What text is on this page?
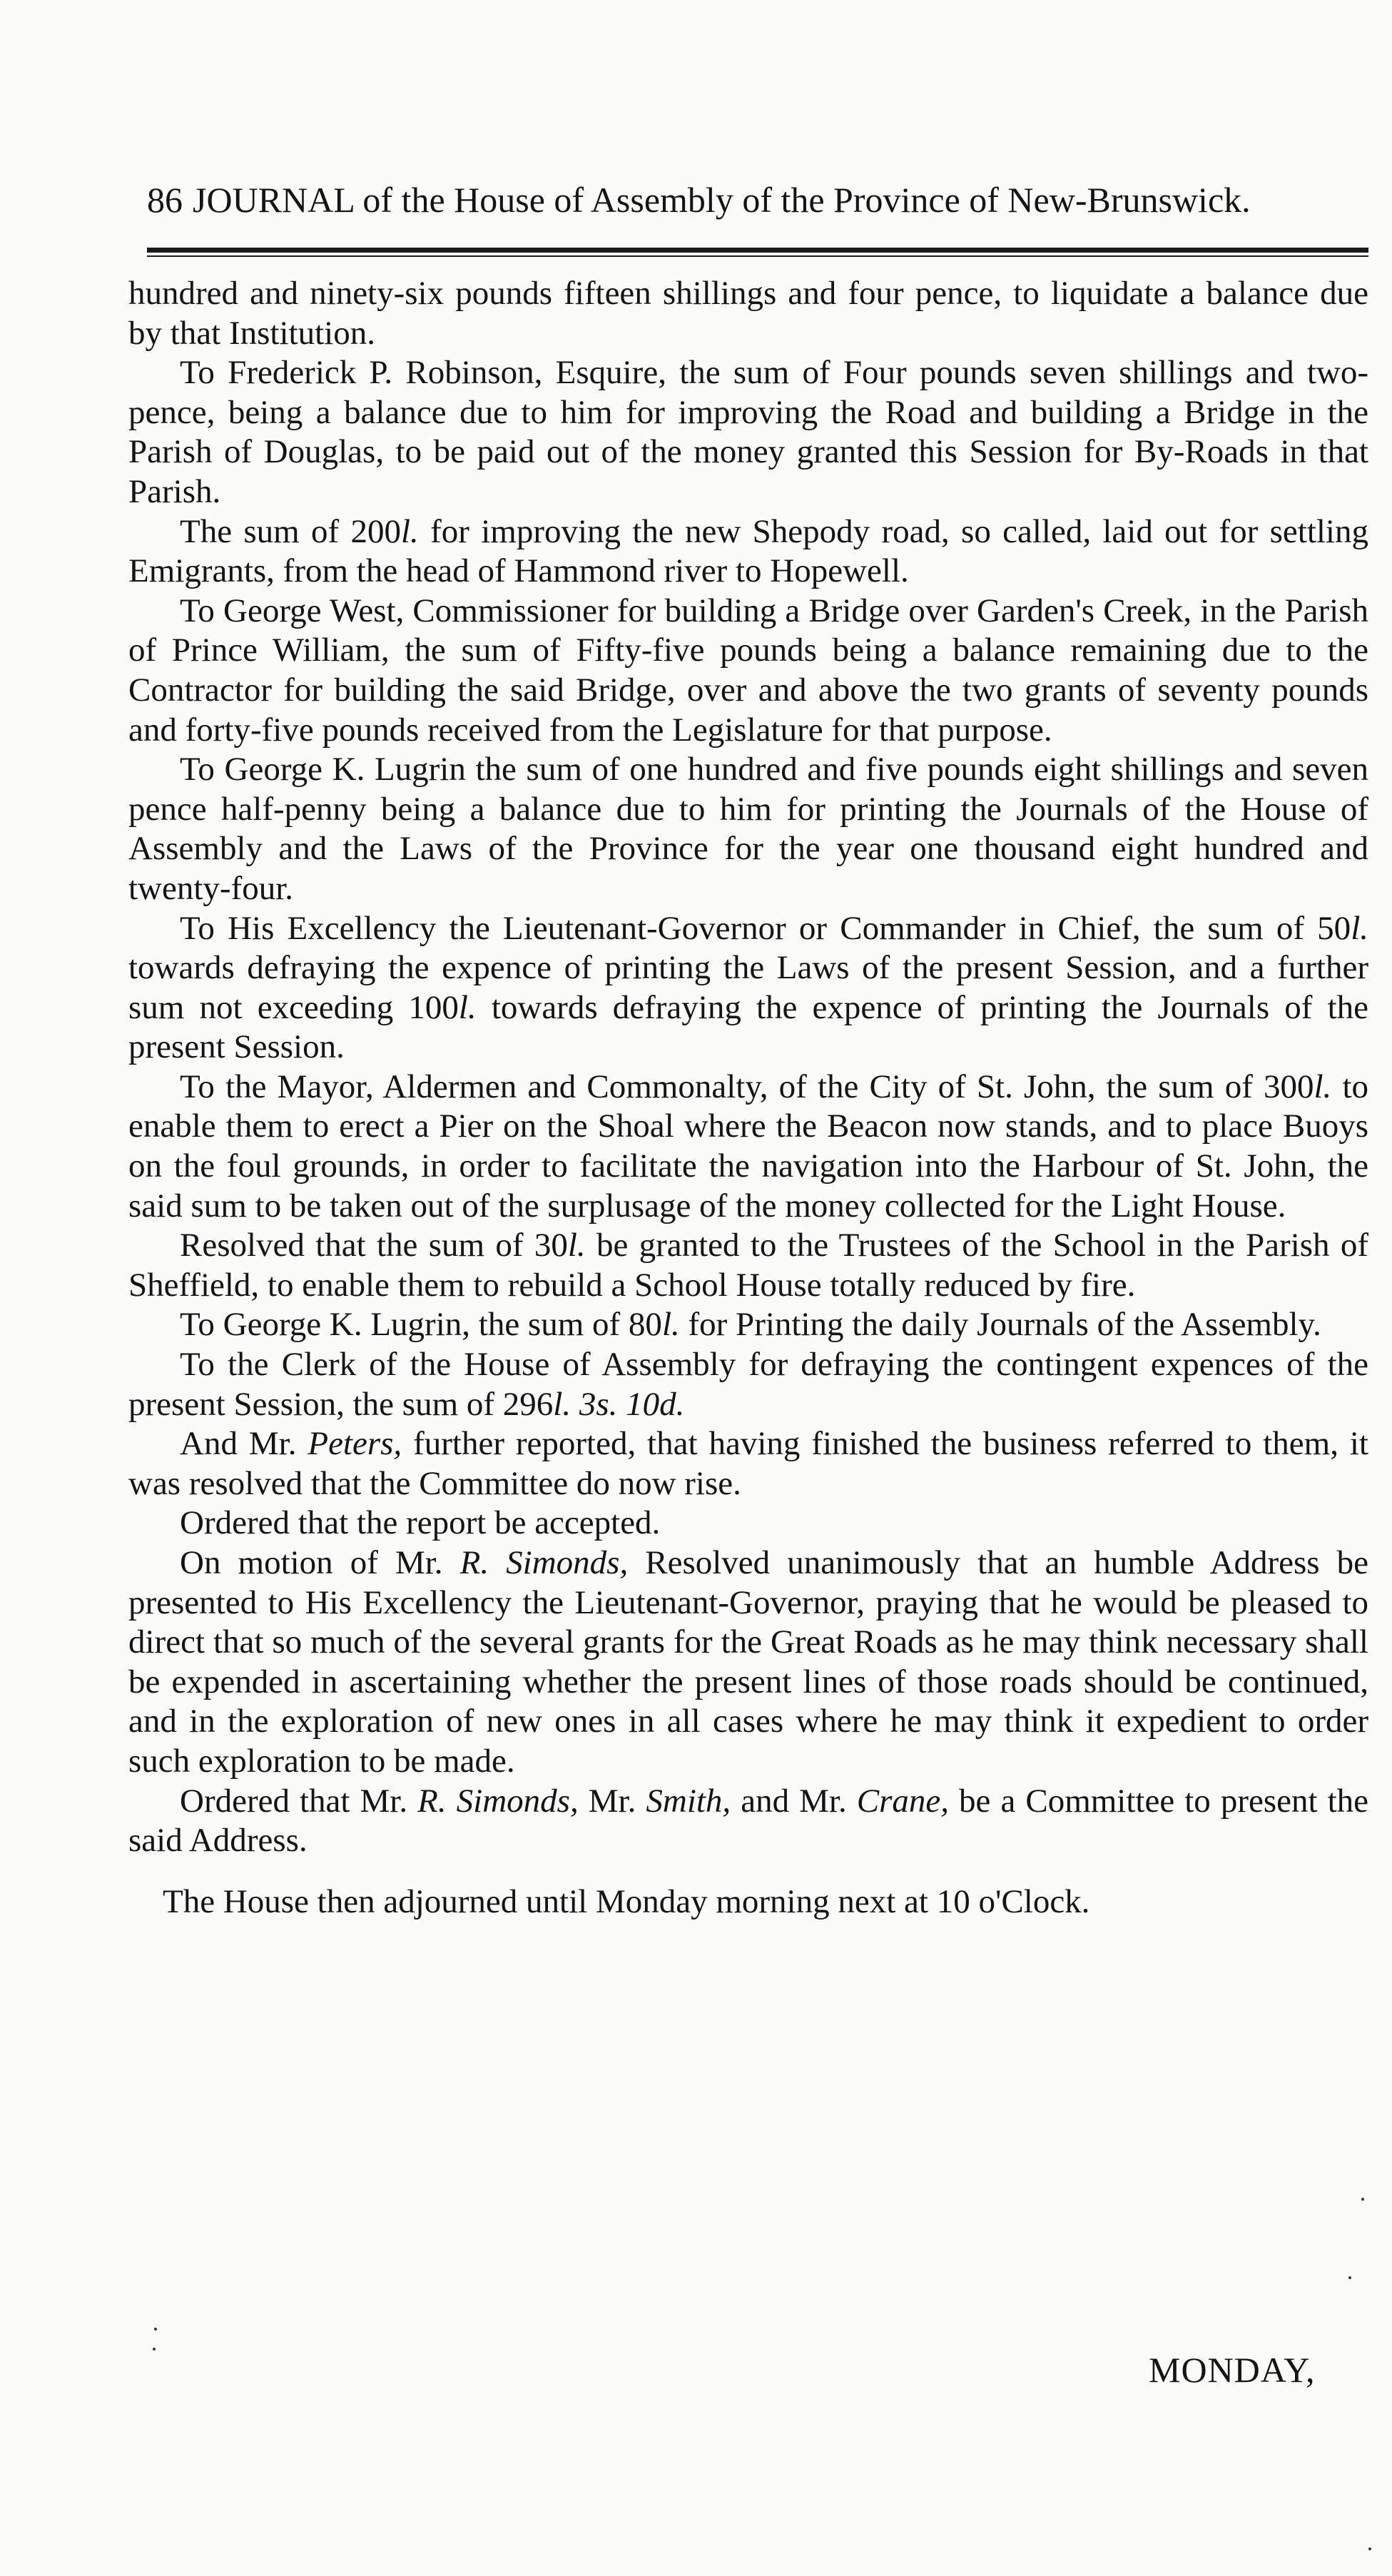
86 JOURNAL of the House of Assembly of the Province of New-Brunswick.

hundred and ninety-six pounds fifteen shillings and four pence, to liquidate a balance due by that Institution.

To Frederick P. Robinson, Esquire, the sum of Four pounds seven shillings and two-pence, being a balance due to him for improving the Road and building a Bridge in the Parish of Douglas, to be paid out of the money granted this Session for By-Roads in that Parish.

The sum of 200l. for improving the new Shepody road, so called, laid out for settling Emigrants, from the head of Hammond river to Hopewell.

To George West, Commissioner for building a Bridge over Garden's Creek, in the Parish of Prince William, the sum of Fifty-five pounds being a balance remaining due to the Contractor for building the said Bridge, over and above the two grants of seventy pounds and forty-five pounds received from the Legislature for that purpose.

To George K. Lugrin the sum of one hundred and five pounds eight shillings and seven pence half-penny being a balance due to him for printing the Journals of the House of Assembly and the Laws of the Province for the year one thousand eight hundred and twenty-four.

To His Excellency the Lieutenant-Governor or Commander in Chief, the sum of 50l. towards defraying the expence of printing the Laws of the present Session, and a further sum not exceeding 100l. towards defraying the expence of printing the Journals of the present Session.

To the Mayor, Aldermen and Commonalty, of the City of St. John, the sum of 300l. to enable them to erect a Pier on the Shoal where the Beacon now stands, and to place Buoys on the foul grounds, in order to facilitate the navigation into the Harbour of St. John, the said sum to be taken out of the surplusage of the money collected for the Light House.

Resolved that the sum of 30l. be granted to the Trustees of the School in the Parish of Sheffield, to enable them to rebuild a School House totally reduced by fire.

To George K. Lugrin, the sum of 80l. for Printing the daily Journals of the Assembly.

To the Clerk of the House of Assembly for defraying the contingent expences of the present Session, the sum of 296l. 3s. 10d.

And Mr. Peters, further reported, that having finished the business referred to them, it was resolved that the Committee do now rise.

Ordered that the report be accepted.

On motion of Mr. R. Simonds, Resolved unanimously that an humble Address be presented to His Excellency the Lieutenant-Governor, praying that he would be pleased to direct that so much of the several grants for the Great Roads as he may think necessary shall be expended in ascertaining whether the present lines of those roads should be continued, and in the exploration of new ones in all cases where he may think it expedient to order such exploration to be made.

Ordered that Mr. R. Simonds, Mr. Smith, and Mr. Crane, be a Committee to present the said Address.

The House then adjourned until Monday morning next at 10 o'Clock.

MONDAY,
